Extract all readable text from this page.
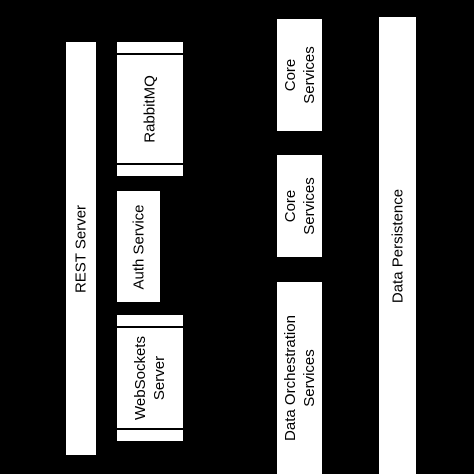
REST Server
RabbitMQ
Auth Service
WebSockets Server
Core Services
Core Services
Data Orchestration Services
Data Persistence
